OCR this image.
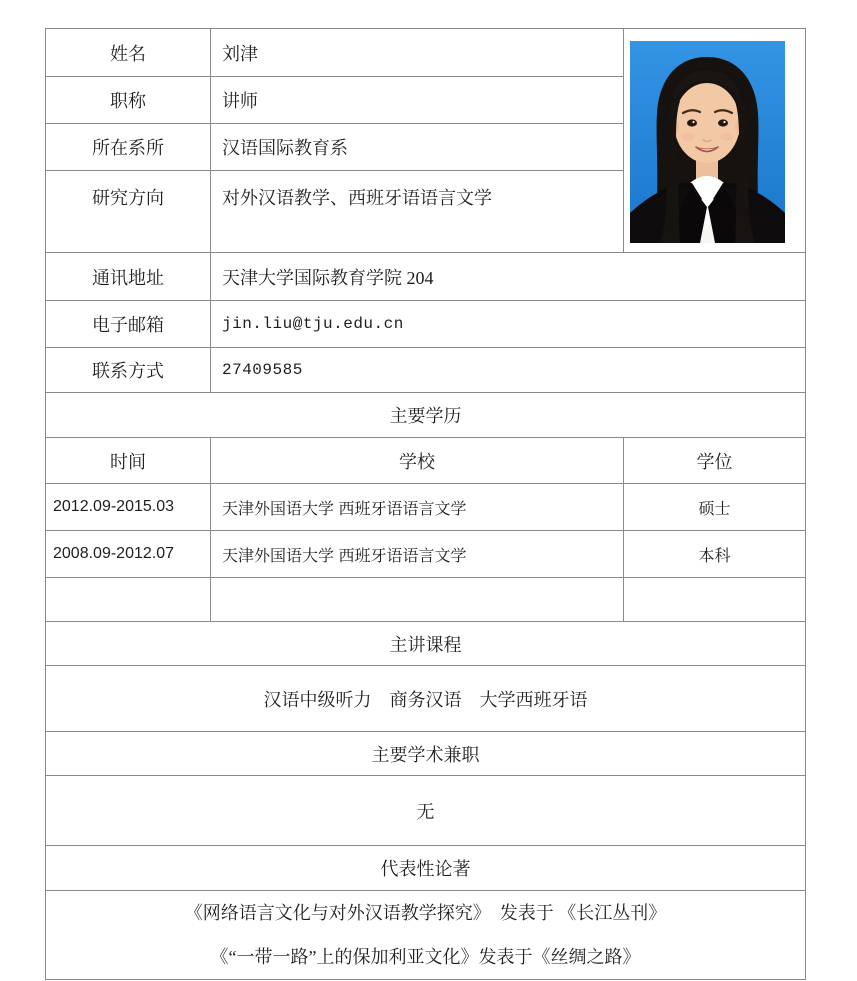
姓名	刘津	

职称	讲师	
所在系所	汉语国际教育系	
研究方向	对外汉语教学、西班牙语语言文学	
通讯地址	天津大学国际教育学院 204	
电子邮箱	jin.liu@tju.edu.cn	
联系方式	27409585	
主要学历		
时间	学校	学位
2012.09-2015.03	天津外国语大学 西班牙语语言文学	硕士
2008.09-2012.07	天津外国语大学 西班牙语语言文学	本科

主讲课程		
汉语中级听力　商务汉语　大学西班牙语		
主要学术兼职		
无		
代表性论著		

《网络语言文化与对外汉语教学探究》　发表于 《长江丛刊》
《“一带一路”上的保加利亚文化》发表于《丝绸之路》		
